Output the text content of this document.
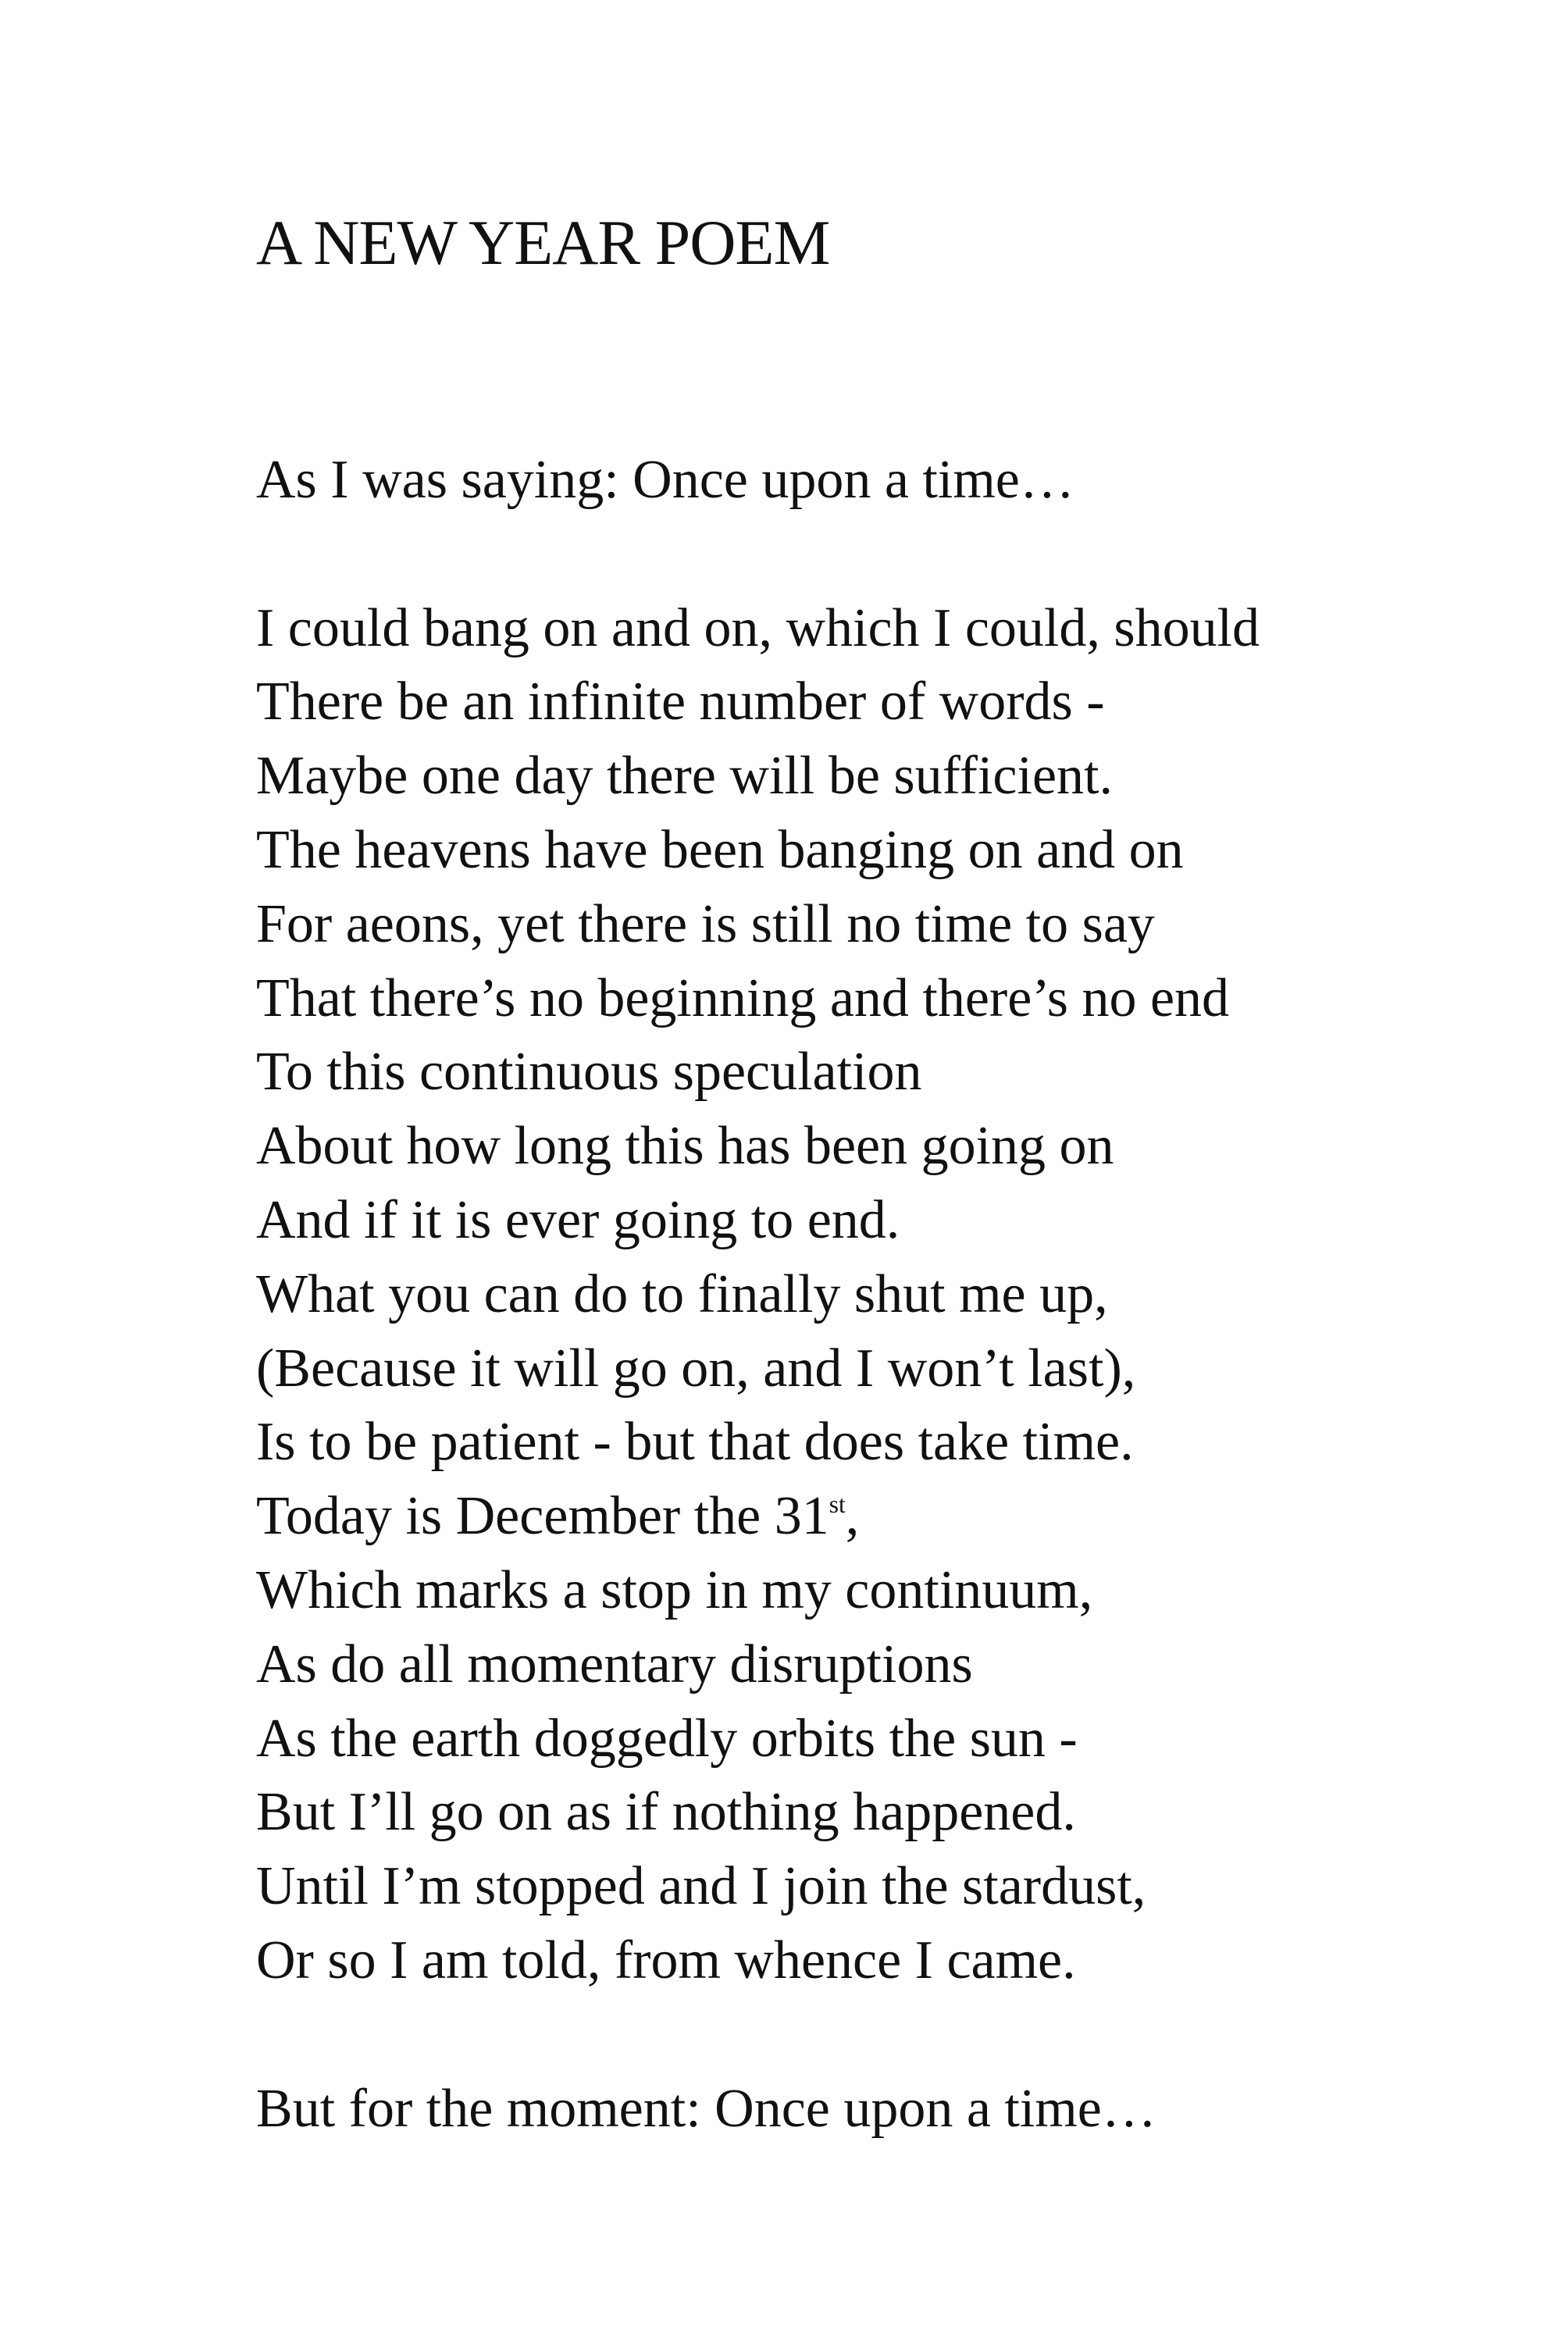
A NEW YEAR POEM
As I was saying: Once upon a time…
I could bang on and on, which I could, should
There be an infinite number of words -
Maybe one day there will be sufficient.
The heavens have been banging on and on
For aeons, yet there is still no time to say
That there’s no beginning and there’s no end
To this continuous speculation
About how long this has been going on
And if it is ever going to end.
What you can do to finally shut me up,
(Because it will go on, and I won’t last),
Is to be patient - but that does take time.
Today is December the 31st,
Which marks a stop in my continuum,
As do all momentary disruptions
As the earth doggedly orbits the sun -
But I’ll go on as if nothing happened.
Until I’m stopped and I join the stardust,
Or so I am told, from whence I came.
But for the moment: Once upon a time…
